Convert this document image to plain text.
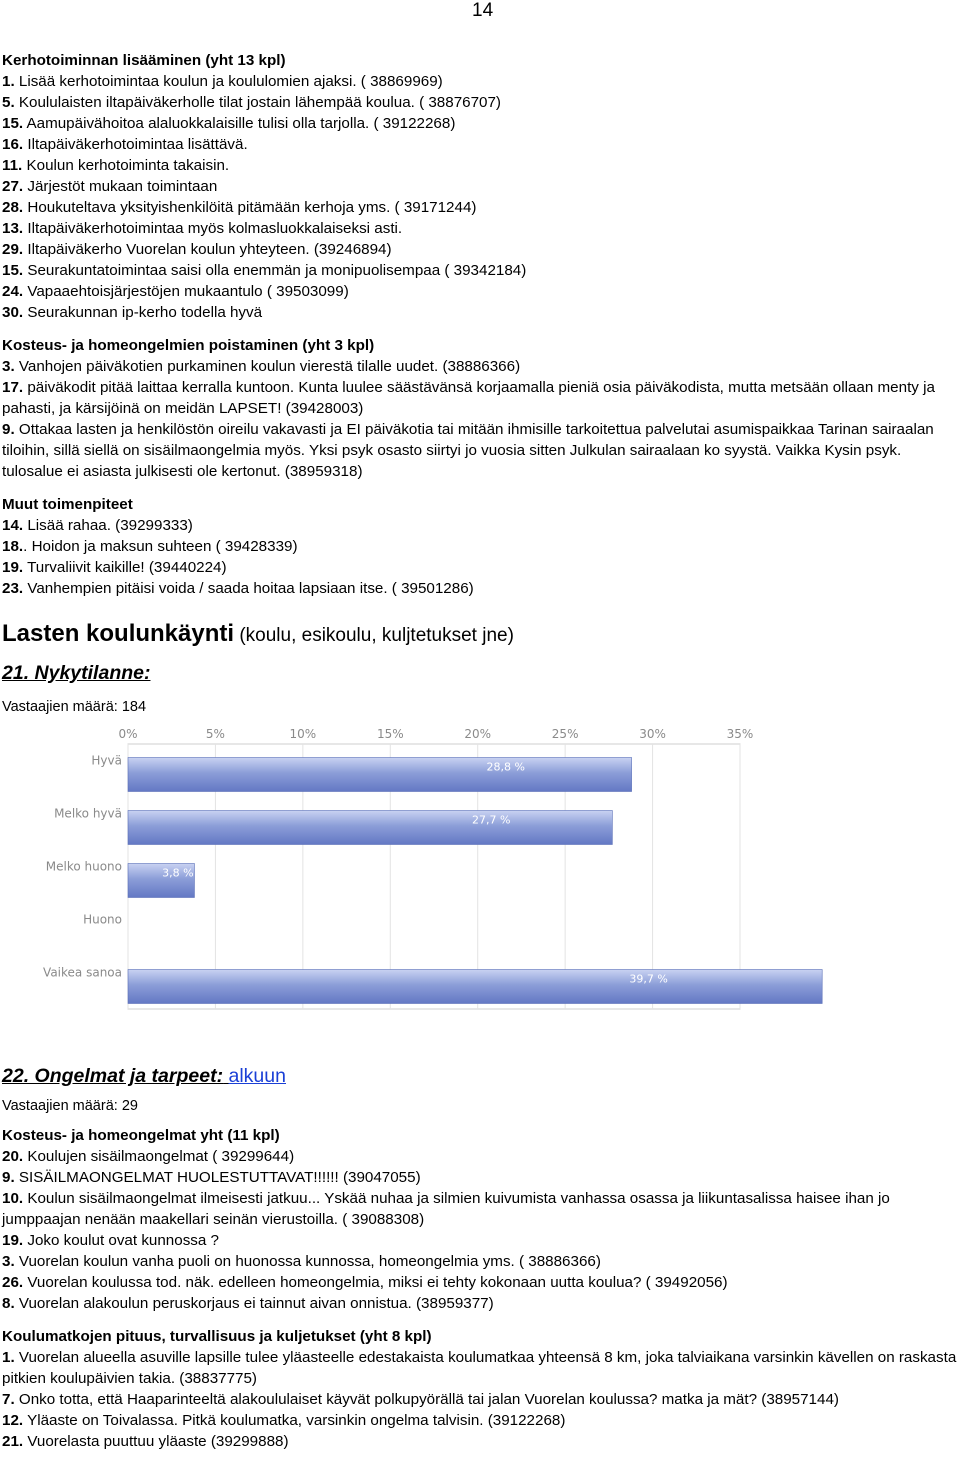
14

Kerhotoiminnan lisääminen (yht 13 kpl)

1. Lisää kerhotoimintaa koulun ja koululomien ajaksi. ( 38869969)

5. Koululaisten iltapäiväkerholle tilat jostain lähempää koulua. ( 38876707)

15. Aamupäivähoitoa alaluokkalaisille tulisi olla tarjolla. ( 39122268)

16. Iltapäiväkerhotoimintaa lisättävä.

11. Koulun kerhotoiminta takaisin.

27. Järjestöt mukaan toimintaan

28. Houkuteltava yksityishenkilöitä pitämään kerhoja yms. ( 39171244)

13. Iltapäiväkerhotoimintaa myös kolmasluokkalaiseksi asti.

29. Iltapäiväkerho Vuorelan koulun yhteyteen. (39246894)

15. Seurakuntatoimintaa saisi olla enemmän ja monipuolisempaa ( 39342184)

24. Vapaaehtoisjärjestöjen mukaantulo ( 39503099)

30. Seurakunnan ip-kerho todella hyvä

Kosteus- ja homeongelmien poistaminen (yht 3 kpl)

3. Vanhojen päiväkotien purkaminen koulun vierestä tilalle uudet. (38886366)

17. päiväkodit pitää laittaa kerralla kuntoon. Kunta luulee säästävänsä korjaamalla pieniä osia päiväkodista, mutta metsään ollaan menty ja pahasti, ja kärsijöinä on meidän LAPSET! (39428003)

9. Ottakaa lasten ja henkilöstön oireilu vakavasti ja EI päiväkotia tai mitään ihmisille tarkoitettua palvelutai asumispaikkaa Tarinan sairaalan tiloihin, sillä siellä on sisäilmaongelmia myös. Yksi psyk osasto siirtyi jo vuosia sitten Julkulan sairaalaan ko syystä. Vaikka Kysin psyk. tulosalue ei asiasta julkisesti ole kertonut. (38959318)

Muut toimenpiteet

14. Lisää rahaa. (39299333)

18.. Hoidon ja maksun suhteen ( 39428339)

19. Turvaliivit kaikille! (39440224)

23. Vanhempien pitäisi voida / saada hoitaa lapsiaan itse. ( 39501286)

Lasten koulunkäynti (koulu, esikoulu, kuljtetukset jne)

21. Nykytilanne:

Vastaajien määrä: 184

0%	5%	10%	15%	20%	25%	30%	35%
Hyvä	28,8 %
Melko hyvä	27,7 %
Melko huono	3,8 %
Huono
Vaikea sanoa	39,7 %

22. Ongelmat ja tarpeet: alkuun

Vastaajien määrä: 29

Kosteus- ja homeongelmat yht (11 kpl)

20. Koulujen sisäilmaongelmat ( 39299644)

9. SISÄILMAONGELMAT HUOLESTUTTAVAT!!!!!! (39047055)

10. Koulun sisäilmaongelmat ilmeisesti jatkuu... Yskää nuhaa ja silmien kuivumista vanhassa osassa ja liikuntasalissa haisee ihan jo jumppaajan nenään maakellari seinän vierustoilla. ( 39088308)

19. Joko koulut ovat kunnossa ?

3. Vuorelan koulun vanha puoli on huonossa kunnossa, homeongelmia yms. ( 38886366)

26. Vuorelan koulussa tod. näk. edelleen homeongelmia, miksi ei tehty kokonaan uutta koulua? ( 39492056)

8. Vuorelan alakoulun peruskorjaus ei tainnut aivan onnistua. (38959377)

Koulumatkojen pituus, turvallisuus ja kuljetukset (yht 8 kpl)

1. Vuorelan alueella asuville lapsille tulee yläasteelle edestakaista koulumatkaa yhteensä 8 km, joka talviaikana varsinkin kävellen on raskasta pitkien koulupäivien takia. (38837775)

7. Onko totta, että Haaparinteeltä alakoululaiset käyvät polkupyörällä tai jalan Vuorelan koulussa? matka ja mät? (38957144)

12. Yläaste on Toivalassa. Pitkä koulumatka, varsinkin ongelma talvisin. (39122268)

21. Vuorelasta puuttuu yläaste (39299888)
